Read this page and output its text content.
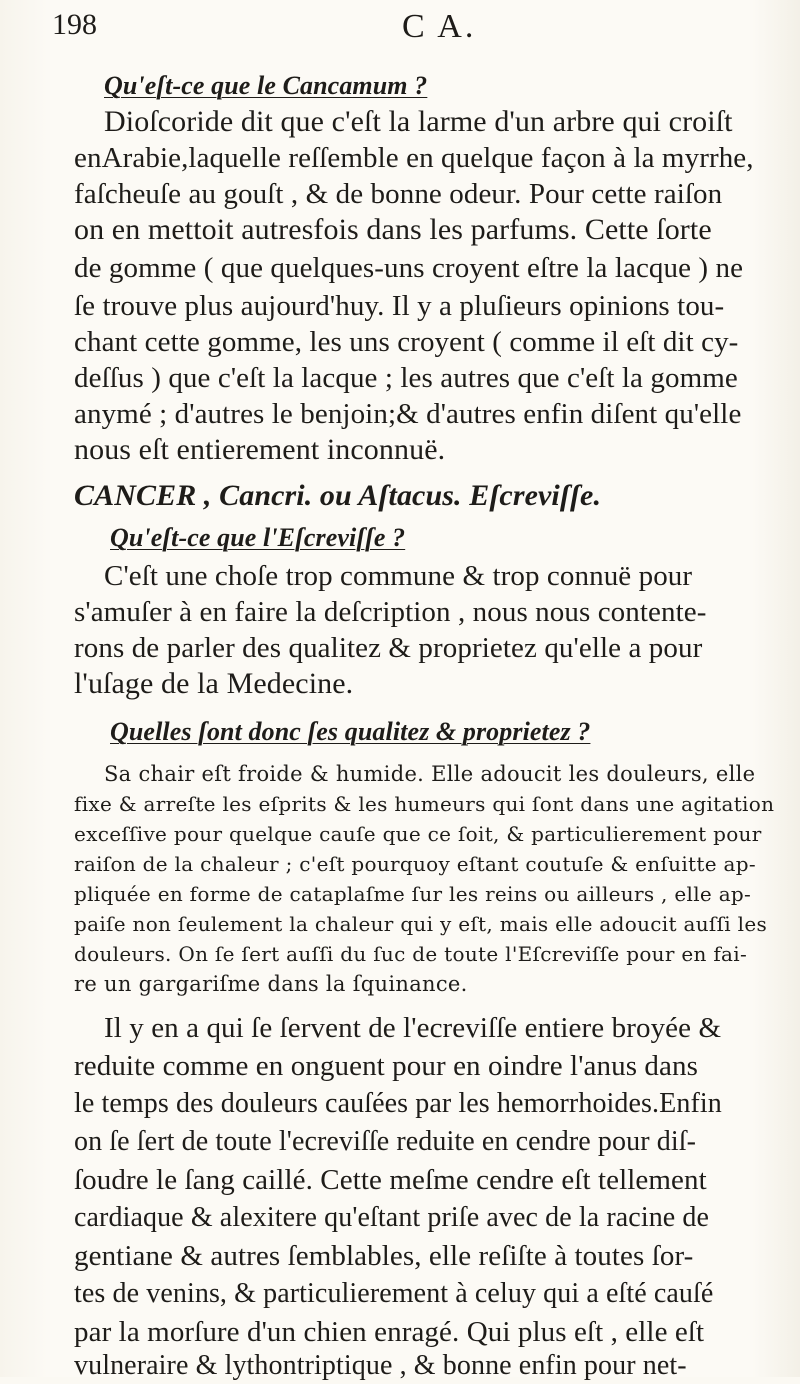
198	C A.
Qu'eſt-ce que le Cancamum ?
Dioſcoride dit que c'eſt la larme d'un arbre qui croiſt
enArabie,laquelle reſſemble en quelque façon à la myrrhe,
faſcheuſe au gouſt , & de bonne odeur. Pour cette raiſon
on en mettoit autresfois dans les parfums. Cette ſorte
de gomme ( que quelques-uns croyent eſtre la lacque ) ne
ſe trouve plus aujourd'huy. Il y a pluſieurs opinions tou-
chant cette gomme, les uns croyent ( comme il eſt dit cy-
deſſus ) que c'eſt la lacque ; les autres que c'eſt la gomme
anymé ; d'autres le benjoin;& d'autres enfin diſent qu'elle
nous eſt entierement inconnuë.
CANCER , Cancri. ou Aſtacus. Eſcreviſſe.
Qu'eſt-ce que l'Eſcreviſſe ?
C'eſt une choſe trop commune & trop connuë pour
s'amuſer à en faire la deſcription , nous nous contente-
rons de parler des qualitez & proprietez qu'elle a pour
l'uſage de la Medecine.
Quelles ſont donc ſes qualitez & proprietez ?
Sa chair eſt froide & humide. Elle adoucit les douleurs, elle
fixe & arreſte les eſprits & les humeurs qui ſont dans une agitation
exceſſive pour quelque cauſe que ce ſoit, & particulierement pour
raiſon de la chaleur ; c'eſt pourquoy eſtant coutuſe & enſuitte ap-
pliquée en forme de cataplaſme ſur les reins ou ailleurs , elle ap-
paiſe non ſeulement la chaleur qui y eſt, mais elle adoucit auſſi les
douleurs. On ſe ſert auſſi du ſuc de toute l'Eſcreviſſe pour en fai-
re un gargariſme dans la ſquinance.
Il y en a qui ſe ſervent de l'ecreviſſe entiere broyée &
reduite comme en onguent pour en oindre l'anus dans
le temps des douleurs cauſées par les hemorrhoides.Enfin
on ſe ſert de toute l'ecreviſſe reduite en cendre pour diſ-
ſoudre le ſang caillé. Cette meſme cendre eſt tellement
cardiaque & alexitere qu'eſtant priſe avec de la racine de
gentiane & autres ſemblables, elle reſiſte à toutes ſor-
tes de venins, & particulierement à celuy qui a eſté cauſé
par la morſure d'un chien enragé. Qui plus eſt , elle eſt
vulneraire & lythontriptique , & bonne enfin pour net-
